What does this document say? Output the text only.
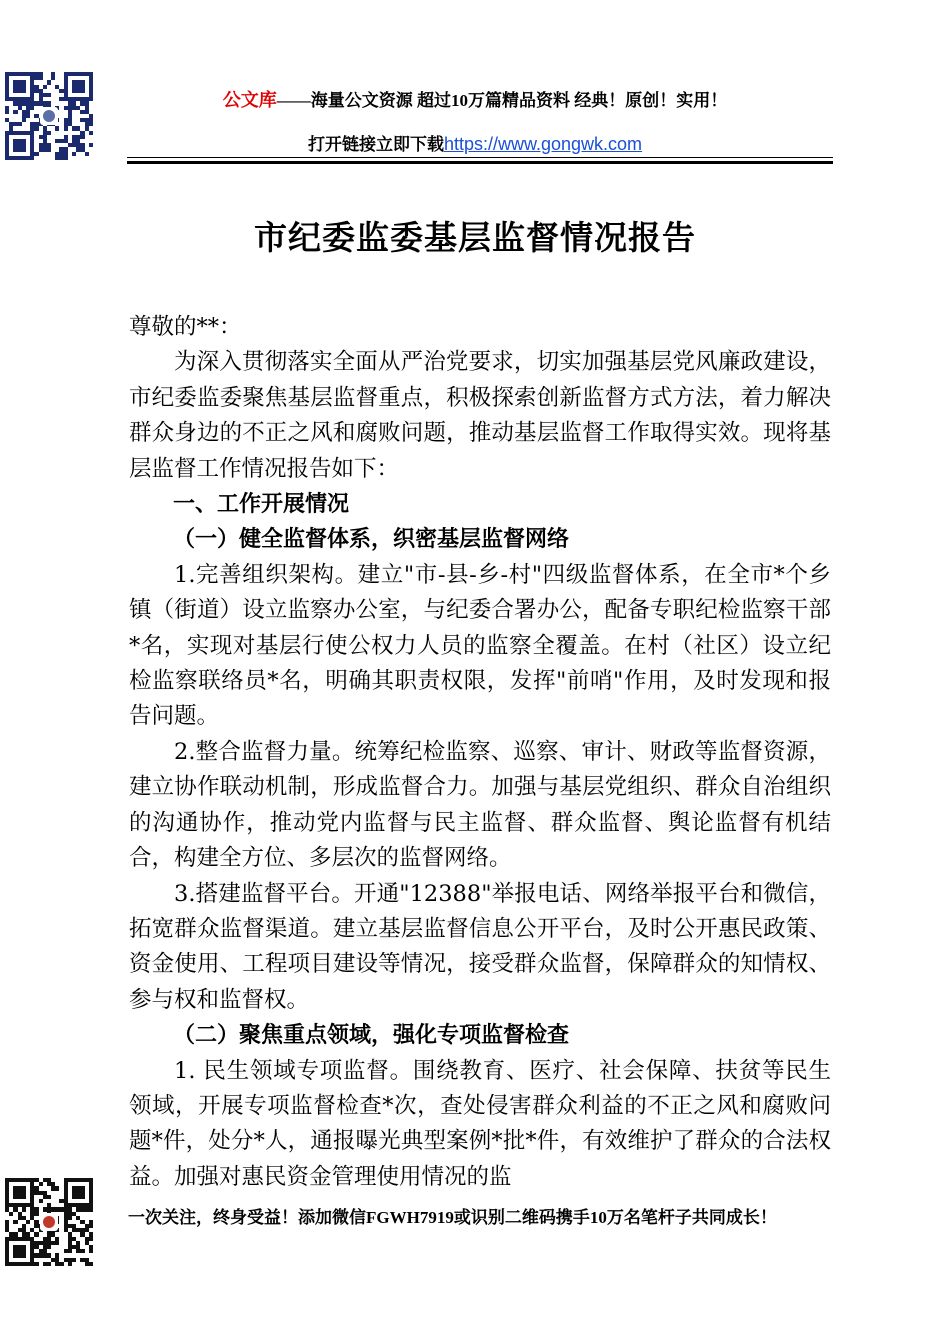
公文库——海量公文资源 超过10万篇精品资料 经典！原创！实用！
打开链接立即下载https://www.gongwk.com
市纪委监委基层监督情况报告

尊敬的**：

为深入贯彻落实全面从严治党要求，切实加强基层党风廉政建设，市纪委监委聚焦基层监督重点，积极探索创新监督方式方法，着力解决群众身边的不正之风和腐败问题，推动基层监督工作取得实效。现将基层监督工作情况报告如下：

一、工作开展情况

（一）健全监督体系，织密基层监督网络

1.完善组织架构。建立"市-县-乡-村"四级监督体系，在全市*个乡镇（街道）设立监察办公室，与纪委合署办公，配备专职纪检监察干部*名，实现对基层行使公权力人员的监察全覆盖。在村（社区）设立纪检监察联络员*名，明确其职责权限，发挥"前哨"作用，及时发现和报告问题。

2.整合监督力量。统筹纪检监察、巡察、审计、财政等监督资源，建立协作联动机制，形成监督合力。加强与基层党组织、群众自治组织的沟通协作，推动党内监督与民主监督、群众监督、舆论监督有机结合，构建全方位、多层次的监督网络。

3.搭建监督平台。开通"12388"举报电话、网络举报平台和微信，拓宽群众监督渠道。建立基层监督信息公开平台，及时公开惠民政策、资金使用、工程项目建设等情况，接受群众监督，保障群众的知情权、参与权和监督权。

（二）聚焦重点领域，强化专项监督检查

1. 民生领域专项监督。围绕教育、医疗、社会保障、扶贫等民生领域，开展专项监督检查*次，查处侵害群众利益的不正之风和腐败问题*件，处分*人，通报曝光典型案例*批*件，有效维护了群众的合法权益。加强对惠民资金管理使用情况的监

一次关注，终身受益！添加微信FGWH7919或识别二维码携手10万名笔杆子共同成长！
